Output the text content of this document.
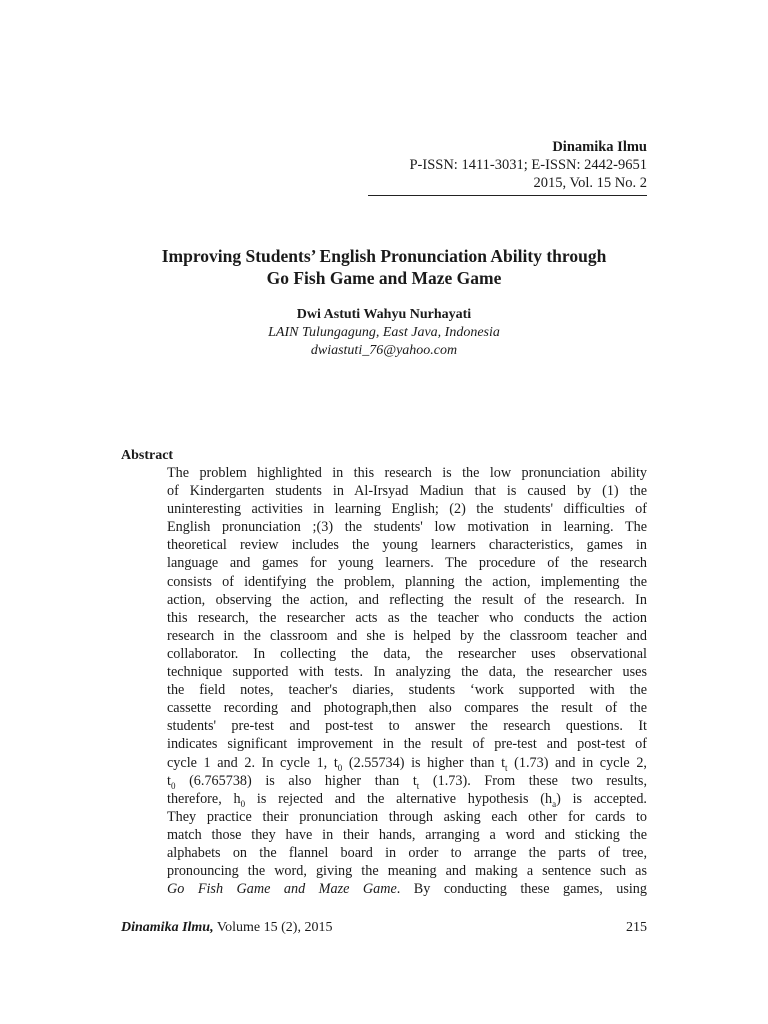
Dinamika Ilmu
P-ISSN: 1411-3031; E-ISSN: 2442-9651
2015, Vol. 15 No. 2
Improving Students’ English Pronunciation Ability through
Go Fish Game and Maze Game
Dwi Astuti Wahyu Nurhayati
LAIN Tulungagung, East Java, Indonesia
dwiastuti_76@yahoo.com
Abstract
The problem highlighted in this research is the low pronunciation ability
of Kindergarten students in Al-Irsyad Madiun that is caused by (1) the
uninteresting activities in learning English; (2) the students' difficulties of
English pronunciation ;(3) the students' low motivation in learning. The
theoretical review includes the young learners characteristics, games in
language and games for young learners. The procedure of the research
consists of identifying the problem, planning the action, implementing the
action, observing the action, and reflecting the result of the research. In
this research, the researcher acts as the teacher who conducts the action
research in the classroom and she is helped by the classroom teacher and
collaborator. In collecting the data, the researcher uses observational
technique supported with tests. In analyzing the data, the researcher uses
the field notes, teacher's diaries, students ‘work supported with the
cassette recording and photograph,then also compares the result of the
students' pre-test and post-test to answer the research questions. It
indicates significant improvement in the result of pre-test and post-test of
cycle 1 and 2. In cycle 1, $t_0$ (2.55734) is higher than $t_t$ (1.73) and in cycle 2,
$t_0$ (6.765738) is also higher than $t_t$ (1.73). From these two results,
therefore, $h_0$ is rejected and the alternative hypothesis $(h_a)$ is accepted.
They practice their pronunciation through asking each other for cards to
match those they have in their hands, arranging a word and sticking the
alphabets on the flannel board in order to arrange the parts of tree,
pronouncing the word, giving the meaning and making a sentence such as
Go Fish Game and Maze Game. By conducting these games, using
Dinamika Ilmu, Volume 15 (2), 2015	215
